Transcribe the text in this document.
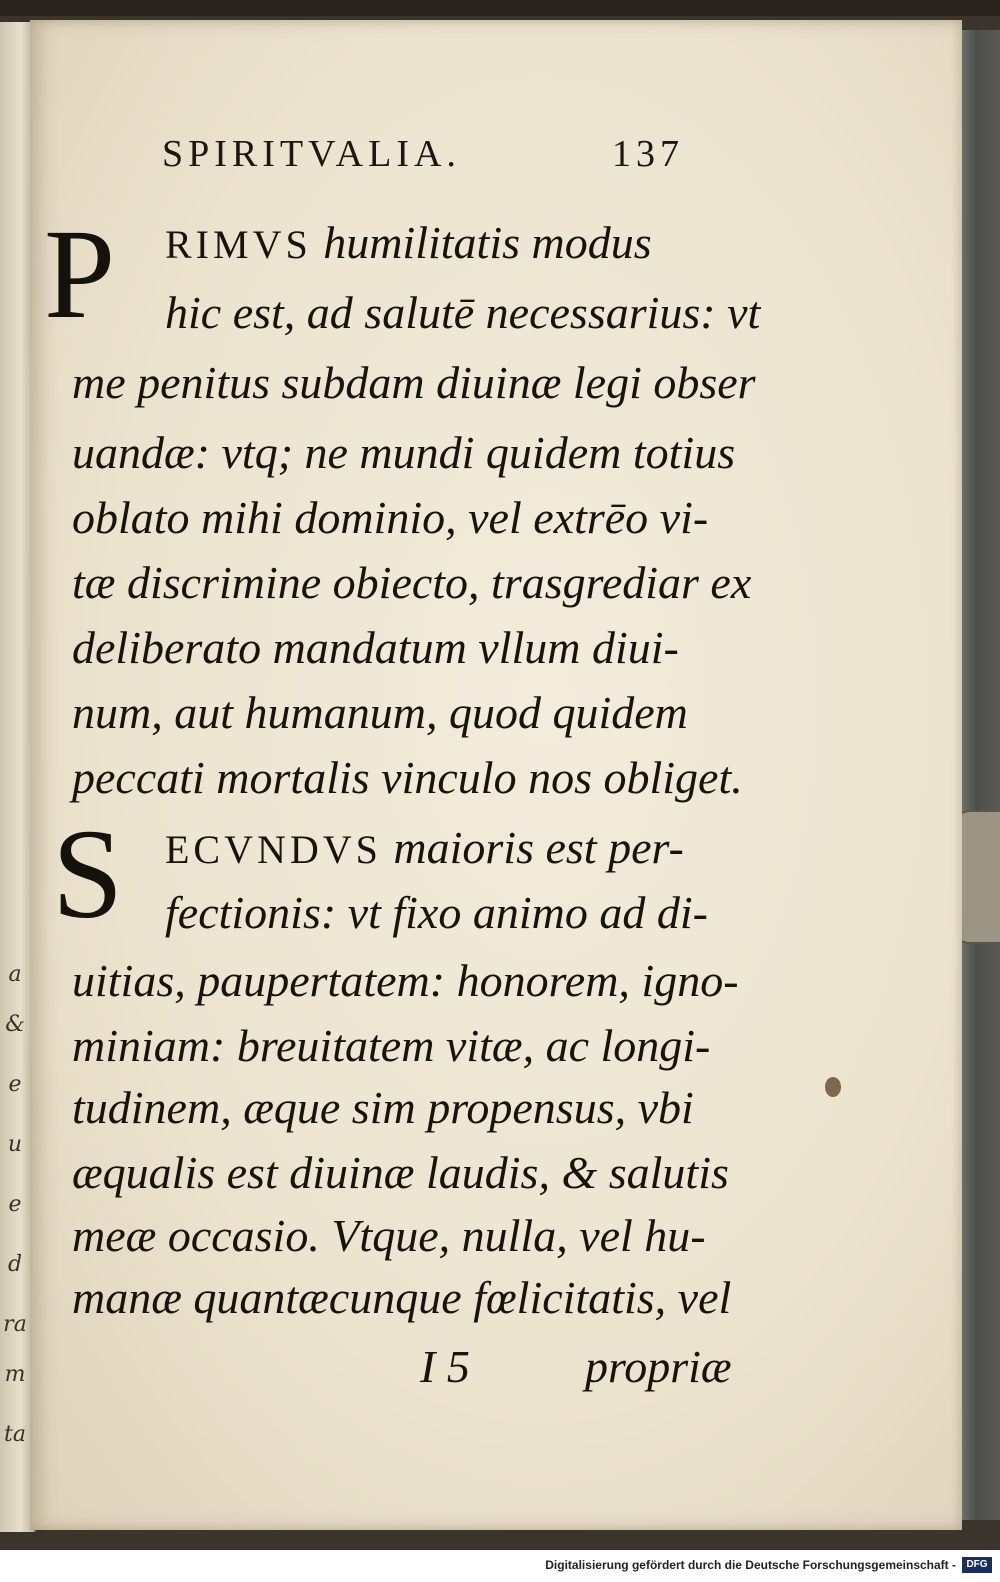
a
&
e
u
e
d
ra
m
ta
SPIRITVALIA.	137
P RIMVS humilitatis modus
hic est, ad salutē necessarius: vt
me penitus subdam diuinæ legi obser
uandæ: vtq; ne mundi quidem totius
oblato mihi dominio, vel extrēo vi-
tæ discrimine obiecto, trasgrediar ex
deliberato mandatum vllum diui-
num, aut humanum, quod quidem
peccati mortalis vinculo nos obliget.
S ECVNDVS maioris est per-
fectionis: vt fixo animo ad di-
uitias, paupertatem: honorem, igno-
miniam: breuitatem vitæ, ac longi-
tudinem, æque sim propensus, vbi
æqualis est diuinæ laudis, & salutis
meæ occasio. Vtque, nulla, vel hu-
manæ quantæcunque fœlicitatis, vel
I 5	propriæ
Digitalisierung gefördert durch die Deutsche Forschungsgemeinschaft -	DFG
